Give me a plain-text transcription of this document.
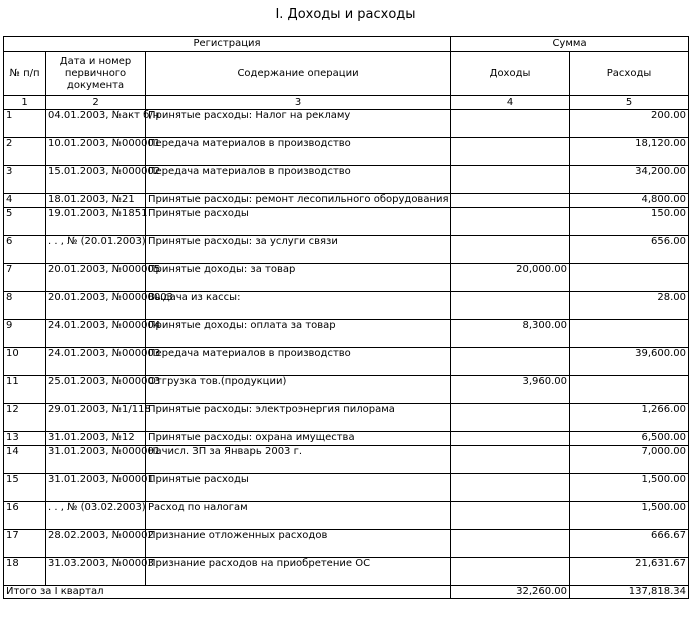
I. Доходы и расходы
Регистрация			Сумма	
№ п/п	Дата и номер первичного документа	Содержание операции	Доходы	Расходы
1	2	3	4	5
1	04.01.2003, №акт б/н	Принятые расходы: Налог на рекламу		200.00
2	10.01.2003, №000001	Передача материалов в производство		18,120.00
3	15.01.2003, №000002	Передача материалов в производство		34,200.00
4	18.01.2003, №21	Принятые расходы: ремонт лесопильного оборудования		4,800.00
5	19.01.2003, №1851	Принятые расходы		150.00
6	. . , № (20.01.2003)	Принятые расходы: за услуги связи		656.00
7	20.01.2003, №000005	Принятые доходы: за товар	20,000.00	
8	20.01.2003, №00000003	Выдача из кассы:		28.00
9	24.01.2003, №000004	Принятые доходы: оплата за товар	8,300.00	
10	24.01.2003, №000003	Передача материалов в производство		39,600.00
11	25.01.2003, №000003	Отгрузка тов.(продукции)	3,960.00	
12	29.01.2003, №1/118	Принятые расходы: электроэнергия пилорама		1,266.00
13	31.01.2003, №12	Принятые расходы: охрана имущества		6,500.00
14	31.01.2003, №000001	Начисл. ЗП за Январь 2003 г.		7,000.00
15	31.01.2003, №00001	Принятые расходы		1,500.00
16	. . , № (03.02.2003)	Расход по налогам		1,500.00
17	28.02.2003, №00002	Признание отложенных расходов		666.67
18	31.03.2003, №00003	Признание расходов на приобретение ОС		21,631.67
Итого за I квартал			32,260.00	137,818.34
